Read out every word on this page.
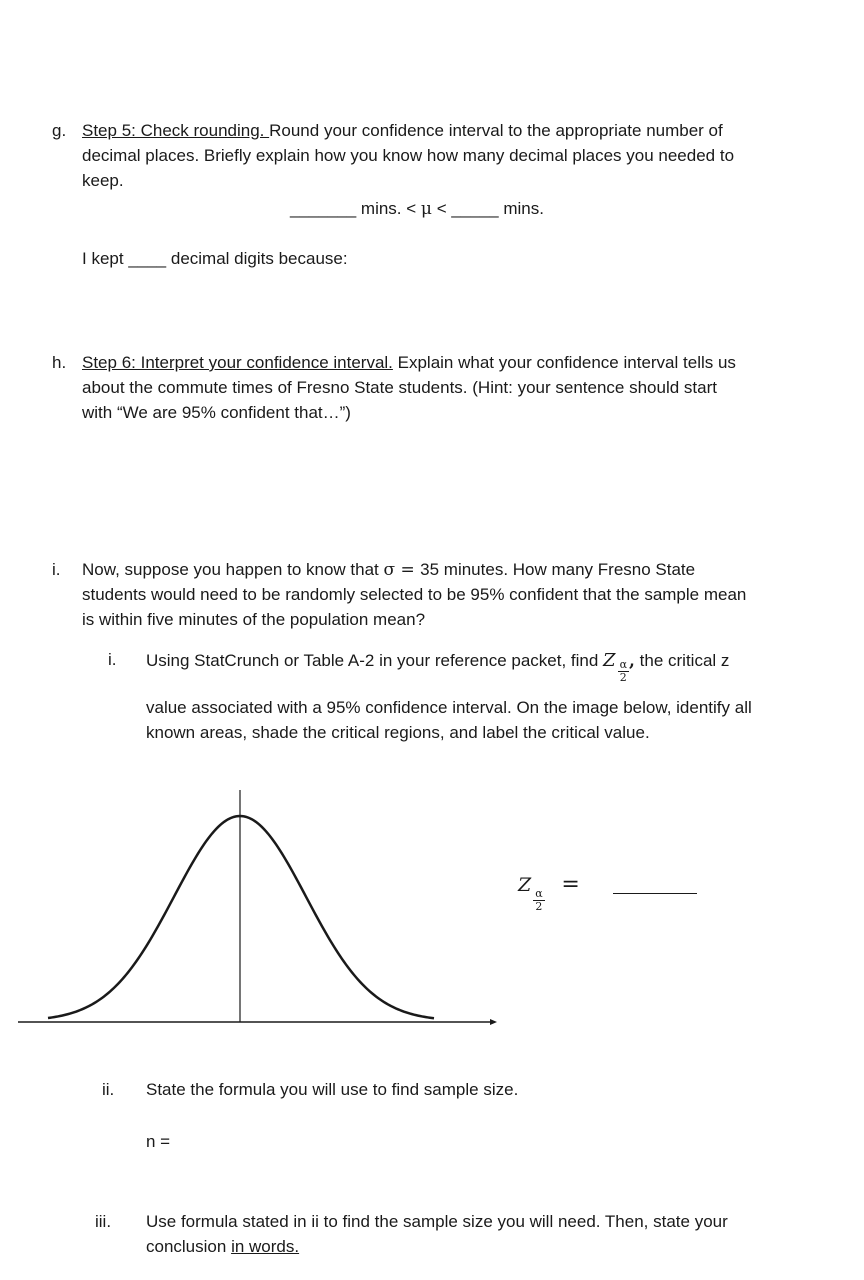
g. Step 5: Check rounding. Round your confidence interval to the appropriate number of
decimal places. Briefly explain how you know how many decimal places you needed to
keep.
_______ mins. < μ < _____ mins.
I kept ____ decimal digits because:
h. Step 6: Interpret your confidence interval. Explain what your confidence interval tells us
about the commute times of Fresno State students. (Hint: your sentence should start
with “We are 95% confident that…”)
i. Now, suppose you happen to know that σ = 35 minutes. How many Fresno State
students would need to be randomly selected to be 95% confident that the sample mean
is within five minutes of the population mean?
i. Using StatCrunch or Table A-2 in your reference packet, find Z $\frac{\alpha}{2}$ , the critical z
value associated with a 95% confidence interval. On the image below, identify all
known areas, shade the critical regions, and label the critical value.
Z
$\frac{\alpha}{2}$
=
ii. State the formula you will use to find sample size.
n =
iii. Use formula stated in ii to find the sample size you will need. Then, state your
conclusion in words.
